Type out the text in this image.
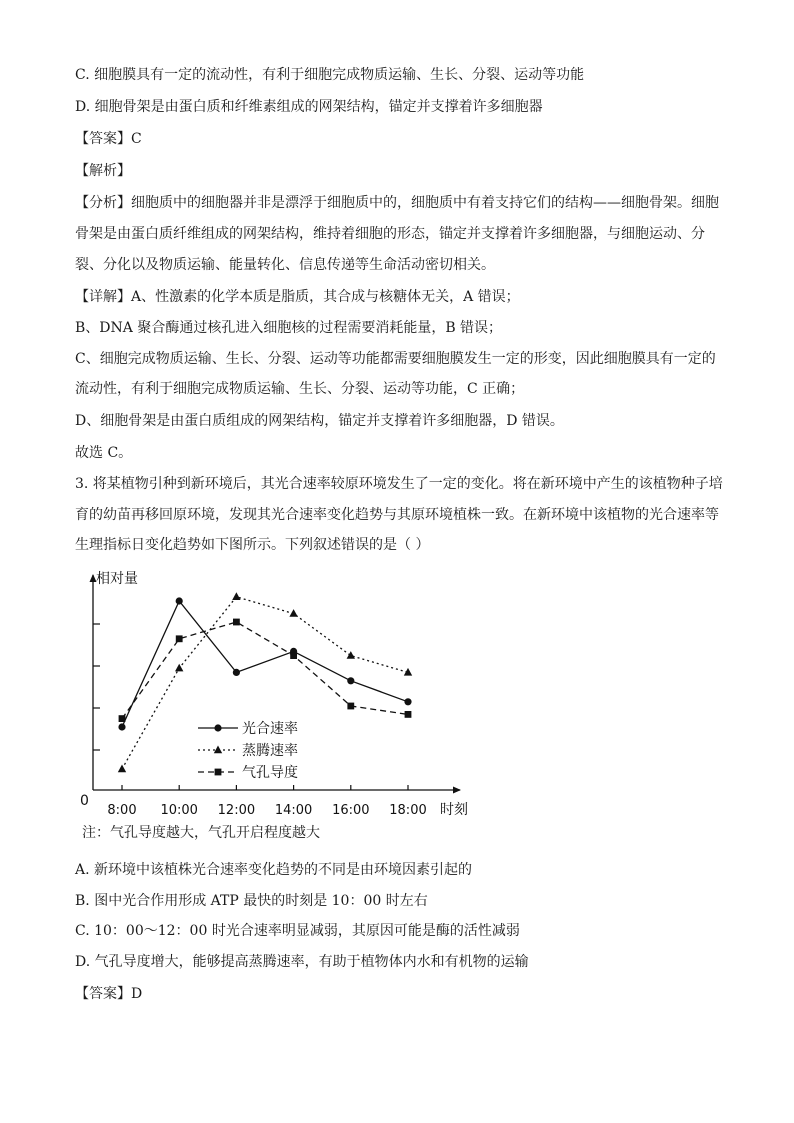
C. 细胞膜具有一定的流动性，有利于细胞完成物质运输、生长、分裂、运动等功能
D. 细胞骨架是由蛋白质和纤维素组成的网架结构，锚定并支撑着许多细胞器
【答案】C
【解析】
【分析】细胞质中的细胞器并非是漂浮于细胞质中的，细胞质中有着支持它们的结构——细胞骨架。细胞
骨架是由蛋白质纤维组成的网架结构，维持着细胞的形态，锚定并支撑着许多细胞器，与细胞运动、分
裂、分化以及物质运输、能量转化、信息传递等生命活动密切相关。
【详解】A、性激素的化学本质是脂质，其合成与核糖体无关，A 错误；
B、DNA 聚合酶通过核孔进入细胞核的过程需要消耗能量，B 错误；
C、细胞完成物质运输、生长、分裂、运动等功能都需要细胞膜发生一定的形变，因此细胞膜具有一定的
流动性，有利于细胞完成物质运输、生长、分裂、运动等功能，C 正确；
D、细胞骨架是由蛋白质组成的网架结构，锚定并支撑着许多细胞器，D 错误。
故选 C。
3. 将某植物引种到新环境后，其光合速率较原环境发生了一定的变化。将在新环境中产生的该植物种子培
育的幼苗再移回原环境，发现其光合速率变化趋势与其原环境植株一致。在新环境中该植物的光合速率等
生理指标日变化趋势如下图所示。下列叙述错误的是（ ）
相对量
0
8:00 10:00 12:00 14:00 16:00 18:00 时刻
光合速率
蒸腾速率
气孔导度
注：气孔导度越大，气孔开启程度越大
A. 新环境中该植株光合速率变化趋势的不同是由环境因素引起的
B. 图中光合作用形成 ATP 最快的时刻是 10：00 时左右
C. 10：00～12：00 时光合速率明显减弱，其原因可能是酶的活性减弱
D. 气孔导度增大，能够提高蒸腾速率，有助于植物体内水和有机物的运输
【答案】D
